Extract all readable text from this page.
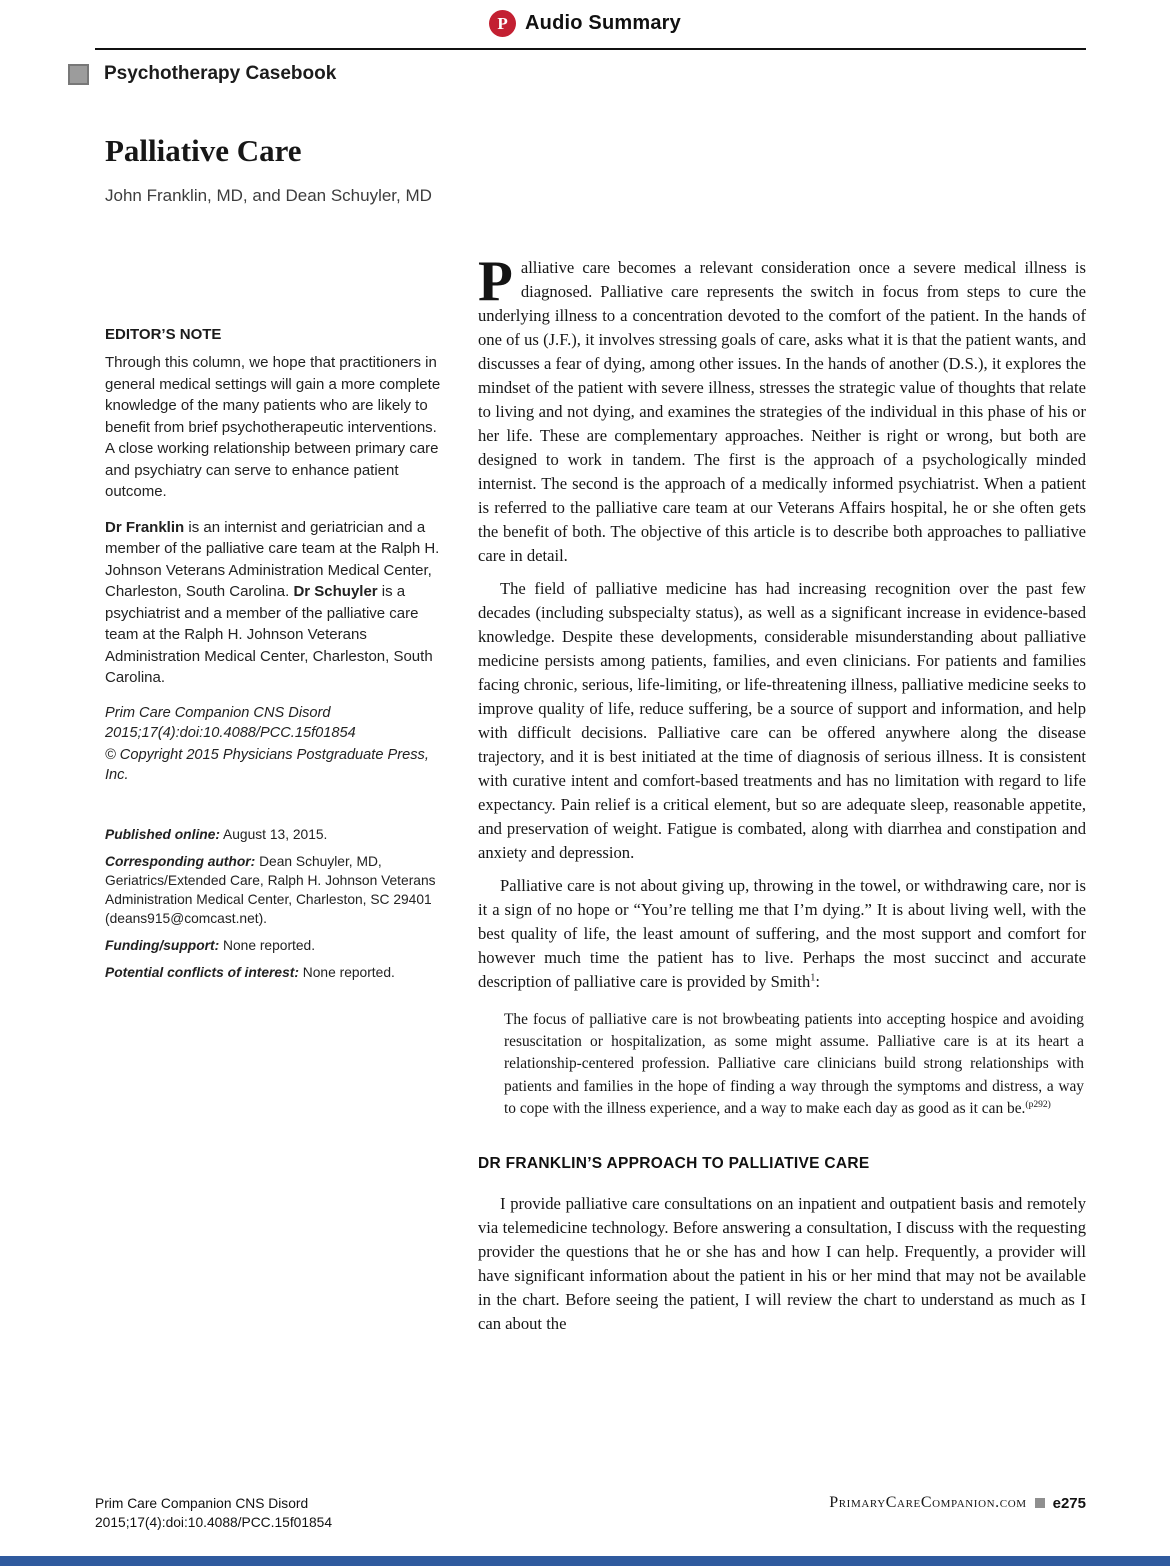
P Audio Summary
Psychotherapy Casebook
Palliative Care
John Franklin, MD, and Dean Schuyler, MD
EDITOR’S NOTE

Through this column, we hope that practitioners in general medical settings will gain a more complete knowledge of the many patients who are likely to benefit from brief psychotherapeutic interventions. A close working relationship between primary care and psychiatry can serve to enhance patient outcome.

Dr Franklin is an internist and geriatrician and a member of the palliative care team at the Ralph H. Johnson Veterans Administration Medical Center, Charleston, South Carolina. Dr Schuyler is a psychiatrist and a member of the palliative care team at the Ralph H. Johnson Veterans Administration Medical Center, Charleston, South Carolina.

Prim Care Companion CNS Disord 2015;17(4):doi:10.4088/PCC.15f01854

© Copyright 2015 Physicians Postgraduate Press, Inc.

Published online: August 13, 2015.

Corresponding author: Dean Schuyler, MD, Geriatrics/Extended Care, Ralph H. Johnson Veterans Administration Medical Center, Charleston, SC 29401 (deans915@comcast.net).

Funding/support: None reported.

Potential conflicts of interest: None reported.

Palliative care becomes a relevant consideration once a severe medical illness is diagnosed. Palliative care represents the switch in focus from steps to cure the underlying illness to a concentration devoted to the comfort of the patient. In the hands of one of us (J.F.), it involves stressing goals of care, asks what it is that the patient wants, and discusses a fear of dying, among other issues. In the hands of another (D.S.), it explores the mindset of the patient with severe illness, stresses the strategic value of thoughts that relate to living and not dying, and examines the strategies of the individual in this phase of his or her life. These are complementary approaches. Neither is right or wrong, but both are designed to work in tandem. The first is the approach of a psychologically minded internist. The second is the approach of a medically informed psychiatrist. When a patient is referred to the palliative care team at our Veterans Affairs hospital, he or she often gets the benefit of both. The objective of this article is to describe both approaches to palliative care in detail.

The field of palliative medicine has had increasing recognition over the past few decades (including subspecialty status), as well as a significant increase in evidence-based knowledge. Despite these developments, considerable misunderstanding about palliative medicine persists among patients, families, and even clinicians. For patients and families facing chronic, serious, life-limiting, or life-threatening illness, palliative medicine seeks to improve quality of life, reduce suffering, be a source of support and information, and help with difficult decisions. Palliative care can be offered anywhere along the disease trajectory, and it is best initiated at the time of diagnosis of serious illness. It is consistent with curative intent and comfort-based treatments and has no limitation with regard to life expectancy. Pain relief is a critical element, but so are adequate sleep, reasonable appetite, and preservation of weight. Fatigue is combated, along with diarrhea and constipation and anxiety and depression.

Palliative care is not about giving up, throwing in the towel, or withdrawing care, nor is it a sign of no hope or “You’re telling me that I’m dying.” It is about living well, with the best quality of life, the least amount of suffering, and the most support and comfort for however much time the patient has to live. Perhaps the most succinct and accurate description of palliative care is provided by Smith$^1$:

The focus of palliative care is not browbeating patients into accepting hospice and avoiding resuscitation or hospitalization, as some might assume. Palliative care is at its heart a relationship-centered profession. Palliative care clinicians build strong relationships with patients and families in the hope of finding a way through the symptoms and distress, a way to cope with the illness experience, and a way to make each day as good as it can be.$^{(p292)}$
DR FRANKLIN’S APPROACH TO PALLIATIVE CARE

I provide palliative care consultations on an inpatient and outpatient basis and remotely via telemedicine technology. Before answering a consultation, I discuss with the requesting provider the questions that he or she has and how I can help. Frequently, a provider will have significant information about the patient in his or her mind that may not be available in the chart. Before seeing the patient, I will review the chart to understand as much as I can about the

Prim Care Companion CNS Disord
2015;17(4):doi:10.4088/PCC.15f01854
PrimaryCareCompanion.com e275
